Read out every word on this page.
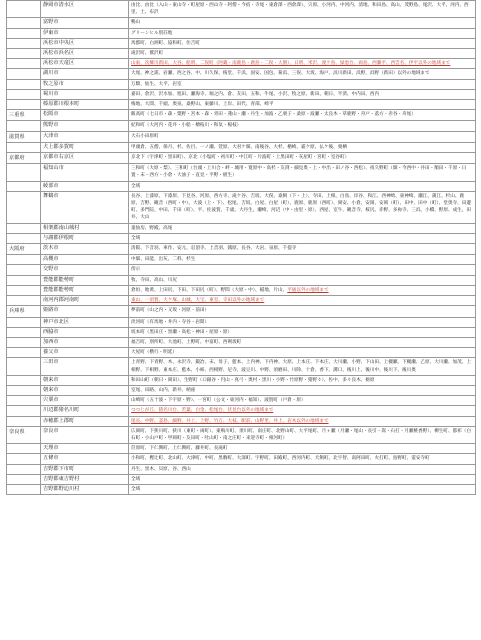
	静岡市清水区	由比、由比（入山・東山寺・町屋原・西山寺・阿僧・今宿・寺尾・東倉澤・西倉澤）、宍原、小河内、中河内、清地、和田島、高山、茂野島、尾沢、大平、河内、西里、土、布沢
	富野市	鴨山
	伊東市	グリーンヒル別荘地
	浜松市中央区	馬郡町、白洲町、協和町、住吉町
	浜松市浜名区	滝沢町、鷲沢町
	浜松市天竜区	山東、次郷川新田、大谷、船明、二俣町（阿蔵・南鹿島・鹿島・二俣・大園）、日明、米沢、渡ケ島、緑恵台、両島、西藤平、西雲名、伊平以外の地域まで
	湖川市	大尾、神之浦、岩瀬、西之谷、中、川久保、桜堂、千浜、国安、国包、菊浜、三俣、大坂、海戸、浜川新田、浜野、浜野（新田）以外の地域まで
	牧之原市	万騎、仙生、大平、岩室
	蜀川市	嘉田、倉沢、沢水加、旭田、瀬海寺、堀之内、倉、友田、五和、牛尾、小沢、牧之原、新田、朝日、半済、中内田、西内
	榛原郡川根本町	梅地、大間、千頭、奥泉、桑野山、東藤川、上岸、田代、青部、崎平
三重県	松阪市	飯高町（七日市・森・粟野・宮本・森・青田・蓮山・瀬・丹生・加波・乙栗子・桑原・波瀬・太良木・草鹿野・舟戸・落方・赤谷・舟尾）
	熊野市	紀和町（大河内・花井・小船・檜枝川・和気・楊枝）
滋賀県	大津市	大石小田原町
	犬上郡多賀町	甲頭倉、五僧、保月、杉、佐目、一ノ瀬、萱原、大君ケ畑、南後谷、大杉、楢崎、霜ケ原、仏ケ後、栗栖
京都府	京都市右京区	京北下（宇津町・黒田町）、京北（小塩町・初川町・中江町・片波町・上黒田町・灰屋町・宮町・室谷町）
	福知山市	三和町（大原・梨）、三和町（台頭・上川合・岼・城用・寛原中・高杉・友渕・細見奥・上・中出・田ノ谷・西松）、夜久野町（畑・今西中・井田・額田・千原・日置・末・西方・小倉・大油子・直見・平野・板生）
	綾部市	全域
	舞鶴市	長谷、上漆原、下漆原、下見谷、河原、西方寺、滝ケ谷、吉坂、大俣、桑飼（下・上）、寺田、上根、白鳥、岸谷、和江、西神崎、東神崎、瀬江、蒲江、杉山、鹿原、吉野、観音（西町・中）、大波（上・下）、松尾、吉坂、白屋、白屋（町）、鹿原、鹿原（西町）、岡安、小倉、安岡、安岡（町）、田中、田中（町）、堂奥寺、田邊町、多門院、中田、千田（町）、平、佐波賀、千歳、大丹生、瀬崎、河辺（中・由里・原）、西屋、室牛、観音寺、桜尻、赤野、多祢寺、三浜、小橋、野原、成生、田井、大山
	相楽郡南山城村	童仙房、野殿、高尾
	与謝郡伊根町	全域
大阪府	茨木市	清阪、下音羽、車作、安元、忍頂寺、上音羽、銭原、長谷、大岩、泉原、千提寺
	高槻市	中畑、田能、出灰、二料、杉生
	交野市	傍示
	豊能郡能勢町	牧、寺田、高山、川尻
	豊能郡能勢町	倉垣、地黄、上田尻、下田、下田尻（町）、野間（大原・中）、稲地、片山、平通以外の地域まで
	南河内郡河南町	東山、一須賀、大ケ塚、山城、大宝、東室、寺田以外の地域まで
兵庫県	姫路市	夢前町（山之内・又坂・河原・前田）
	神戸市北区	淡河町（有馬地・井内・寺谷・岩間）
	西脇市	坂本町（黒田庄・黒瀬・高松・神田・屋原・原）
	加西市	福吉町、別所町、大池町、上野町、中富町、西剣坂町
	養父市	大屋町（横行・明延）
	三田市	上青野、下青野、木、永沢寺、鍛冶、末、母子、藍本、上内神、下内神、大原、上本庄、下本庄、大川瀬、小野、下山田、上槻瀬、下槻瀬、乙原、大川瀬、加茂、上相野、下相野、東本庄、藍本、小柿、西相野、尼寺、波豆川、中野、須磨田、川除、十倉、香下、溝口、後川上、後川中、後川下、後川奥
	朝来市	和田山町（朝日・岡田）、生野町（口銀谷・円山・真弓・奥村・黒川・小野・竹原野・猪野々）、佐中、多々良木、栃原
	朝来市	室尾、田路、山内、新井、納座
	宍粟市	山崎町（五十波・下宇原・野）、一宮町（公文・東河内・福知）、波賀町（戸倉・原）
	川辺郡猪名川町	つつじが丘、猪名川台、若葉、白金、松尾台、伏見台以外の地域まで
	赤穂郡上郡町	尾長、中野、釜島、細野、井上、上野、竹万、大枝、駅前、山野里、井上、岩木以外の地域まで
奈良県	奈良市	広岡町、下狭川町、狭川（東町・両町）、東鳴川町、須川町、南庄町、北野山町、大平尾町、月ヶ瀬（月瀬・尾山・長引・嵩・石打・月瀬桃香野）、柳生町、都祁（白石町・小山戸町・甲岡町・友田町・吐山町・南之庄町・来迎寺町・相河町）
	天理市	苣原町、下仁興町、上仁興町、藤井町、長滝町
	五條市	小和町、樫辻町、北山町、大津町、中町、黒駒町、大深町、宇野町、田殿町、西河内町、犬飼町、北宇智、南阿田町、火打町、島野町、霊安寺町
	吉野郡下市町	丹生、黒木、貝原、谷、西山
	吉野郡東吉野村	全域
	吉野郡野迫川村	全域
